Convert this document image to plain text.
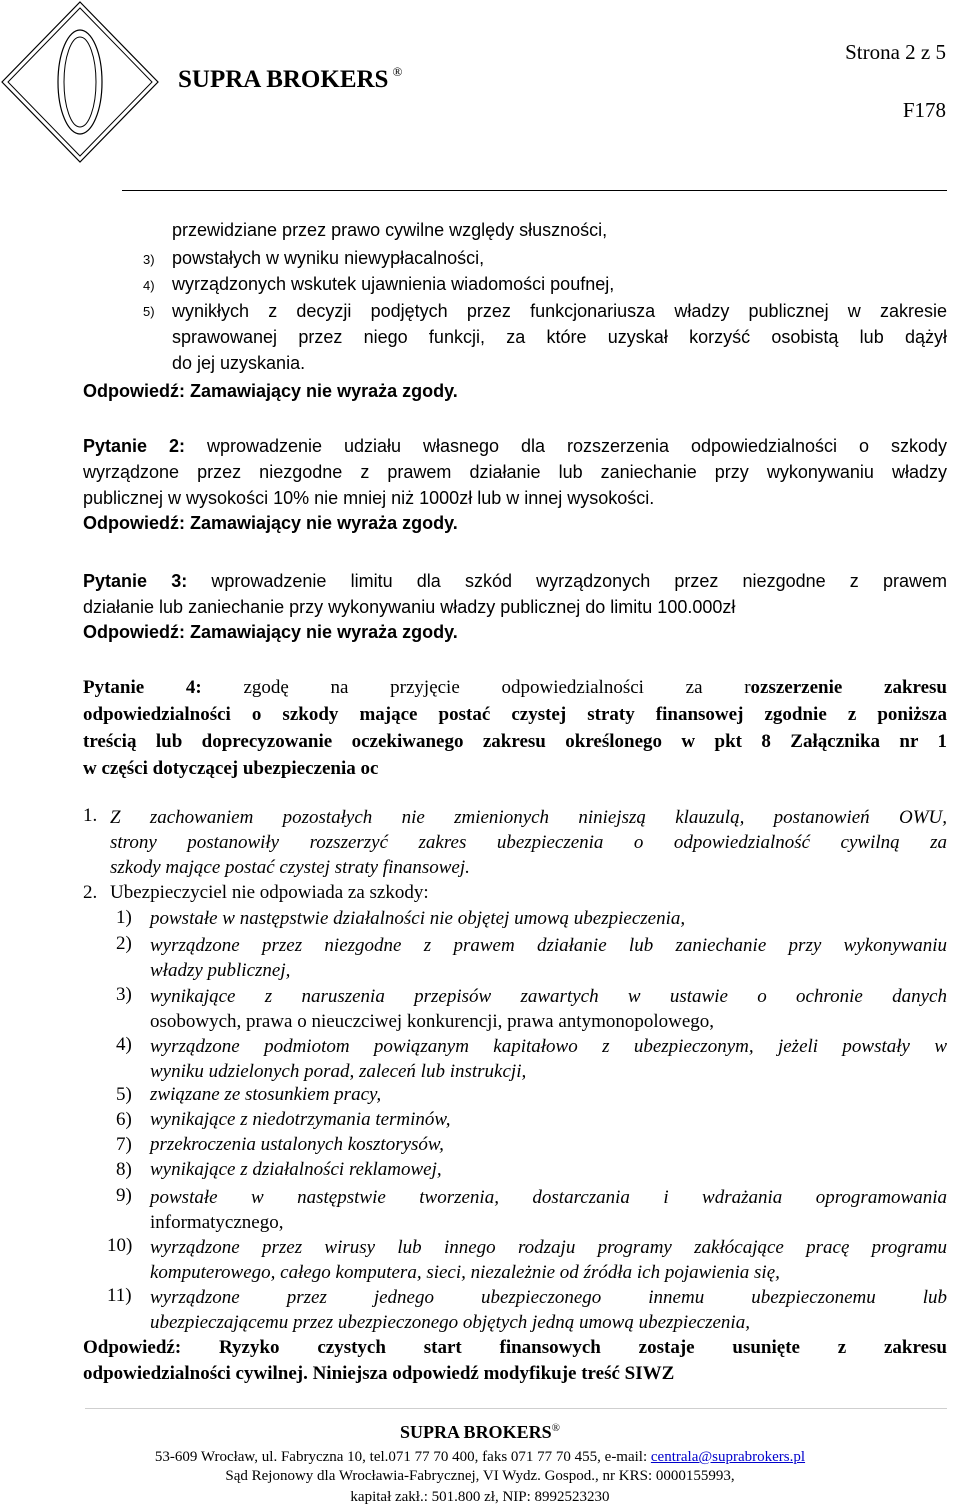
SUPRA BROKERS ®
Strona 2 z 5
F178
przewidziane przez prawo cywilne względy słuszności,
3) powstałych w wyniku niewypłacalności,
4) wyrządzonych wskutek ujawnienia wiadomości poufnej,
5) wynikłych z decyzji podjętych przez funkcjonariusza władzy publicznej w zakresie
sprawowanej przez niego funkcji, za które uzyskał korzyść osobistą lub dążył
do jej uzyskania.
Odpowiedź: Zamawiający nie wyraża zgody.
Pytanie 2: wprowadzenie udziału własnego dla rozszerzenia odpowiedzialności o szkody
wyrządzone przez niezgodne z prawem działanie lub zaniechanie przy wykonywaniu władzy
publicznej w wysokości 10% nie mniej niż 1000zł lub w innej wysokości.
Odpowiedź: Zamawiający nie wyraża zgody.
Pytanie 3: wprowadzenie limitu dla szkód wyrządzonych przez niezgodne z prawem
działanie lub zaniechanie przy wykonywaniu władzy publicznej do limitu 100.000zł
Odpowiedź: Zamawiający nie wyraża zgody.
Pytanie 4: zgodę na przyjęcie odpowiedzialności za rozszerzenie zakresu
odpowiedzialności o szkody mające postać czystej straty finansowej zgodnie z poniższa
treścią lub doprecyzowanie oczekiwanego zakresu określonego w pkt 8 Załącznika nr 1
w części dotyczącej ubezpieczenia oc
1. Z zachowaniem pozostałych nie zmienionych niniejszą klauzulą, postanowień OWU,
strony postanowiły rozszerzyć zakres ubezpieczenia o odpowiedzialność cywilną za
szkody mające postać czystej straty finansowej.
2. Ubezpieczyciel nie odpowiada za szkody:
1) powstałe w następstwie działalności nie objętej umową ubezpieczenia,
2) wyrządzone przez niezgodne z prawem działanie lub zaniechanie przy wykonywaniu
władzy publicznej,
3) wynikające z naruszenia przepisów zawartych w ustawie o ochronie danych
osobowych, prawa o nieuczciwej konkurencji, prawa antymonopolowego,
4) wyrządzone podmiotom powiązanym kapitałowo z ubezpieczonym, jeżeli powstały w
wyniku udzielonych porad, zaleceń lub instrukcji,
5) związane ze stosunkiem pracy,
6) wynikające z niedotrzymania terminów,
7) przekroczenia ustalonych kosztorysów,
8) wynikające z działalności reklamowej,
9) powstałe w następstwie tworzenia, dostarczania i wdrażania oprogramowania
informatycznego,
10) wyrządzone przez wirusy lub innego rodzaju programy zakłócające pracę programu
komputerowego, całego komputera, sieci, niezależnie od źródła ich pojawienia się,
11) wyrządzone przez jednego ubezpieczonego innemu ubezpieczonemu lub
ubezpieczającemu przez ubezpieczonego objętych jedną umową ubezpieczenia,
Odpowiedź: Ryzyko czystych start finansowych zostaje usunięte z zakresu
odpowiedzialności cywilnej. Niniejsza odpowiedź modyfikuje treść SIWZ
SUPRA BROKERS®
53-609 Wrocław, ul. Fabryczna 10, tel.071 77 70 400, faks 071 77 70 455, e-mail: centrala@suprabrokers.pl
Sąd Rejonowy dla Wrocławia-Fabrycznej, VI Wydz. Gospod., nr KRS: 0000155993,
kapitał zakł.: 501.800 zł, NIP: 8992523230
